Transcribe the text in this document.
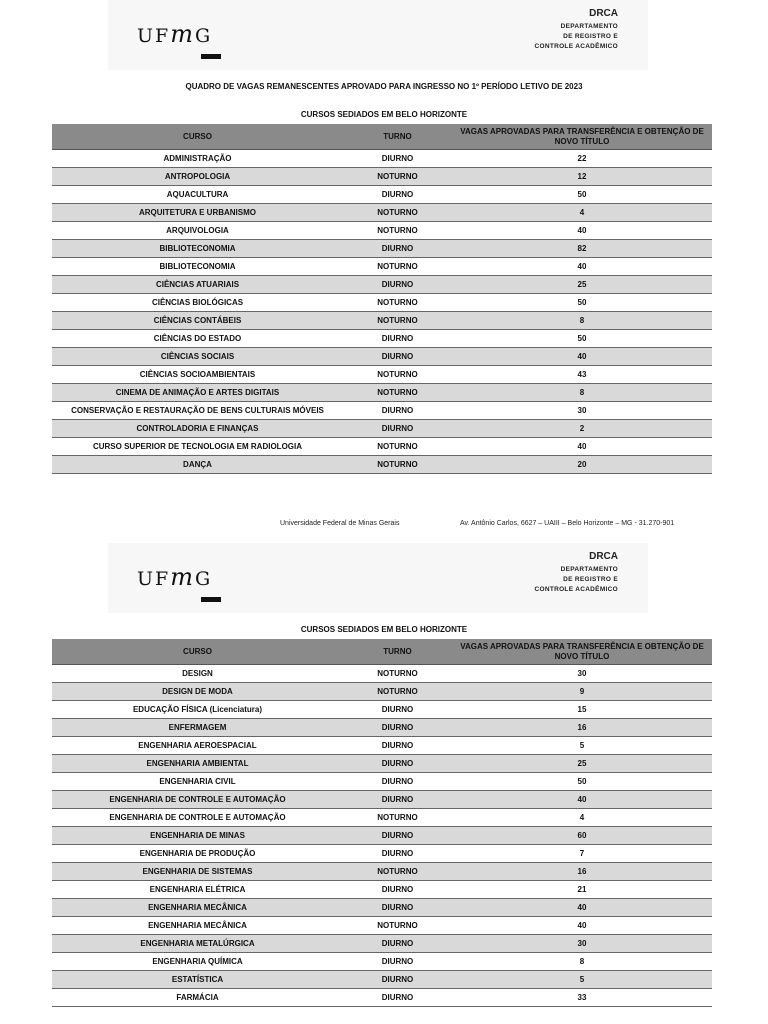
UFmG
DRCA
DEPARTAMENTO
DE REGISTRO E
CONTROLE ACADÊMICO
QUADRO DE VAGAS REMANESCENTES APROVADO PARA INGRESSO NO 1º PERÍODO LETIVO DE 2023
CURSOS SEDIADOS EM BELO HORIZONTE
CURSO	TURNO	VAGAS APROVADAS PARA TRANSFERÊNCIA E OBTENÇÃO DE NOVO TÍTULO
ADMINISTRAÇÃO	DIURNO	22
ANTROPOLOGIA	NOTURNO	12
AQUACULTURA	DIURNO	50
ARQUITETURA E URBANISMO	NOTURNO	4
ARQUIVOLOGIA	NOTURNO	40
BIBLIOTECONOMIA	DIURNO	82
BIBLIOTECONOMIA	NOTURNO	40
CIÊNCIAS ATUARIAIS	DIURNO	25
CIÊNCIAS BIOLÓGICAS	NOTURNO	50
CIÊNCIAS CONTÁBEIS	NOTURNO	8
CIÊNCIAS DO ESTADO	DIURNO	50
CIÊNCIAS SOCIAIS	DIURNO	40
CIÊNCIAS SOCIOAMBIENTAIS	NOTURNO	43
CINEMA DE ANIMAÇÃO E ARTES DIGITAIS	NOTURNO	8
CONSERVAÇÃO E RESTAURAÇÃO DE BENS CULTURAIS MÓVEIS	DIURNO	30
CONTROLADORIA E FINANÇAS	DIURNO	2
CURSO SUPERIOR DE TECNOLOGIA EM RADIOLOGIA	NOTURNO	40
DANÇA	NOTURNO	20
Universidade Federal de Minas Gerais	Av. Antônio Carlos, 6627 – UAIII – Belo Horizonte – MG - 31.270-901
UFmG
DRCA
DEPARTAMENTO
DE REGISTRO E
CONTROLE ACADÊMICO
CURSOS SEDIADOS EM BELO HORIZONTE
CURSO	TURNO	VAGAS APROVADAS PARA TRANSFERÊNCIA E OBTENÇÃO DE NOVO TÍTULO
DESIGN	NOTURNO	30
DESIGN DE MODA	NOTURNO	9
EDUCAÇÃO FÍSICA (Licenciatura)	DIURNO	15
ENFERMAGEM	DIURNO	16
ENGENHARIA AEROESPACIAL	DIURNO	5
ENGENHARIA AMBIENTAL	DIURNO	25
ENGENHARIA CIVIL	DIURNO	50
ENGENHARIA DE CONTROLE E AUTOMAÇÃO	DIURNO	40
ENGENHARIA DE CONTROLE E AUTOMAÇÃO	NOTURNO	4
ENGENHARIA DE MINAS	DIURNO	60
ENGENHARIA DE PRODUÇÃO	DIURNO	7
ENGENHARIA DE SISTEMAS	NOTURNO	16
ENGENHARIA ELÉTRICA	DIURNO	21
ENGENHARIA MECÂNICA	DIURNO	40
ENGENHARIA MECÂNICA	NOTURNO	40
ENGENHARIA METALÚRGICA	DIURNO	30
ENGENHARIA QUÍMICA	DIURNO	8
ESTATÍSTICA	DIURNO	5
FARMÁCIA	DIURNO	33
